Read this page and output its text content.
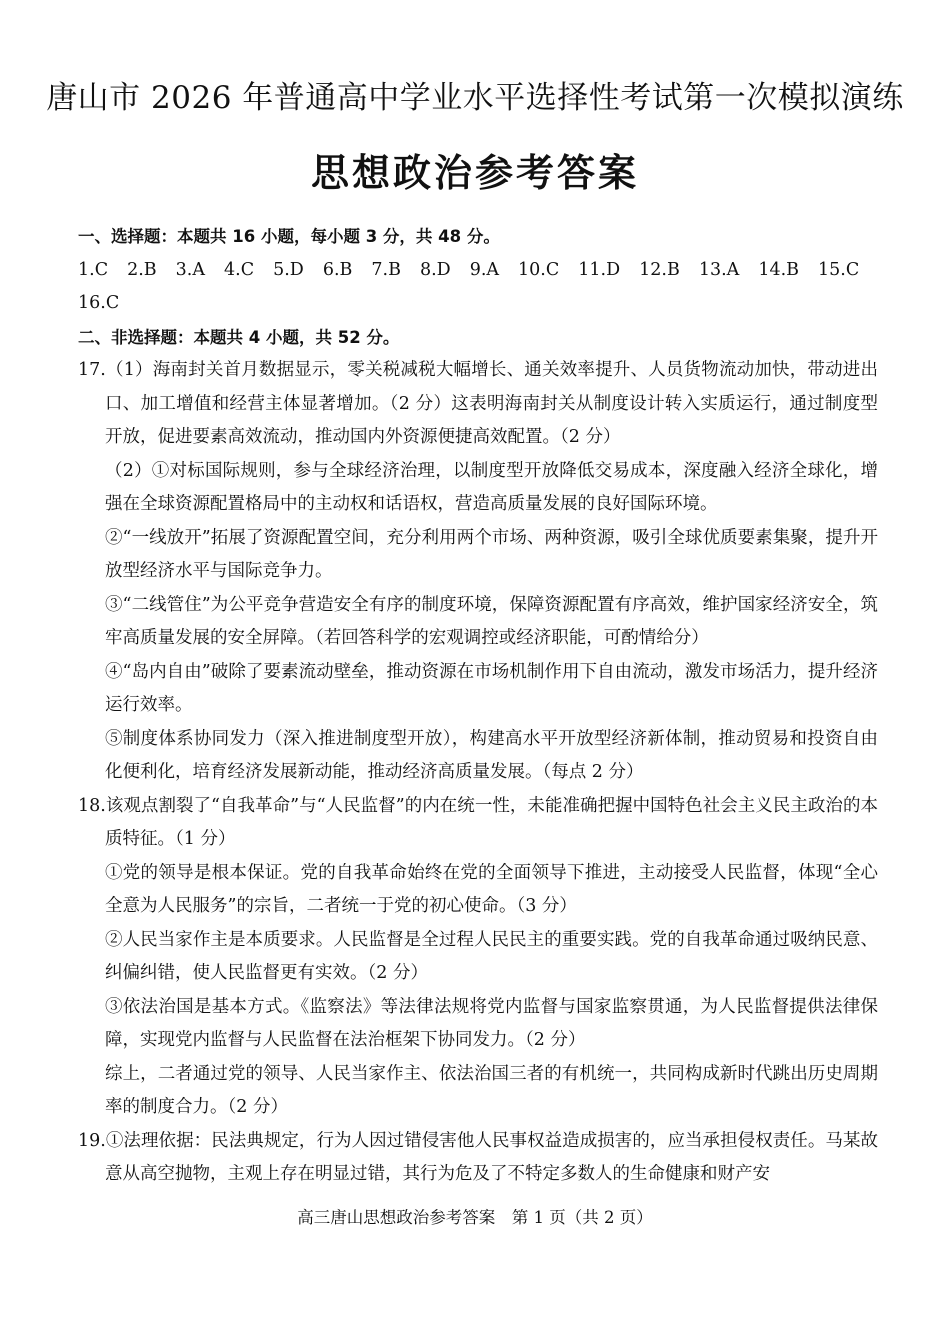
唐山市 2026 年普通高中学业水平选择性考试第一次模拟演练
思想政治参考答案

一、选择题：本题共 16 小题，每小题 3 分，共 48 分。

1.C 2.B 3.A 4.C 5.D 6.B 7.B 8.D 9.A 10.C 11.D 12.B 13.A 14.B 15.C
16.C

二、非选择题：本题共 4 小题，共 52 分。

17.（1）海南封关首月数据显示，零关税减税大幅增长、通关效率提升、人员货物流动加快，带动进出口、加工增值和经营主体显著增加。（2 分）这表明海南封关从制度设计转入实质运行，通过制度型开放，促进要素高效流动，推动国内外资源便捷高效配置。（2 分）

（2）①对标国际规则，参与全球经济治理，以制度型开放降低交易成本，深度融入经济全球化，增强在全球资源配置格局中的主动权和话语权，营造高质量发展的良好国际环境。

②“一线放开”拓展了资源配置空间，充分利用两个市场、两种资源，吸引全球优质要素集聚，提升开放型经济水平与国际竞争力。

③“二线管住”为公平竞争营造安全有序的制度环境，保障资源配置有序高效，维护国家经济安全，筑牢高质量发展的安全屏障。（若回答科学的宏观调控或经济职能，可酌情给分）

④“岛内自由”破除了要素流动壁垒，推动资源在市场机制作用下自由流动，激发市场活力，提升经济运行效率。

⑤制度体系协同发力（深入推进制度型开放），构建高水平开放型经济新体制，推动贸易和投资自由化便利化，培育经济发展新动能，推动经济高质量发展。（每点 2 分）

18.该观点割裂了“自我革命”与“人民监督”的内在统一性，未能准确把握中国特色社会主义民主政治的本质特征。（1 分）

①党的领导是根本保证。党的自我革命始终在党的全面领导下推进，主动接受人民监督，体现“全心全意为人民服务”的宗旨，二者统一于党的初心使命。（3 分）

②人民当家作主是本质要求。人民监督是全过程人民民主的重要实践。党的自我革命通过吸纳民意、纠偏纠错，使人民监督更有实效。（2 分）

③依法治国是基本方式。《监察法》等法律法规将党内监督与国家监察贯通，为人民监督提供法律保障，实现党内监督与人民监督在法治框架下协同发力。（2 分）

综上，二者通过党的领导、人民当家作主、依法治国三者的有机统一，共同构成新时代跳出历史周期率的制度合力。（2 分）

19.①法理依据：民法典规定，行为人因过错侵害他人民事权益造成损害的，应当承担侵权责任。马某故意从高空抛物，主观上存在明显过错，其行为危及了不特定多数人的生命健康和财产安

高三唐山思想政治参考答案　第 1 页（共 2 页）
